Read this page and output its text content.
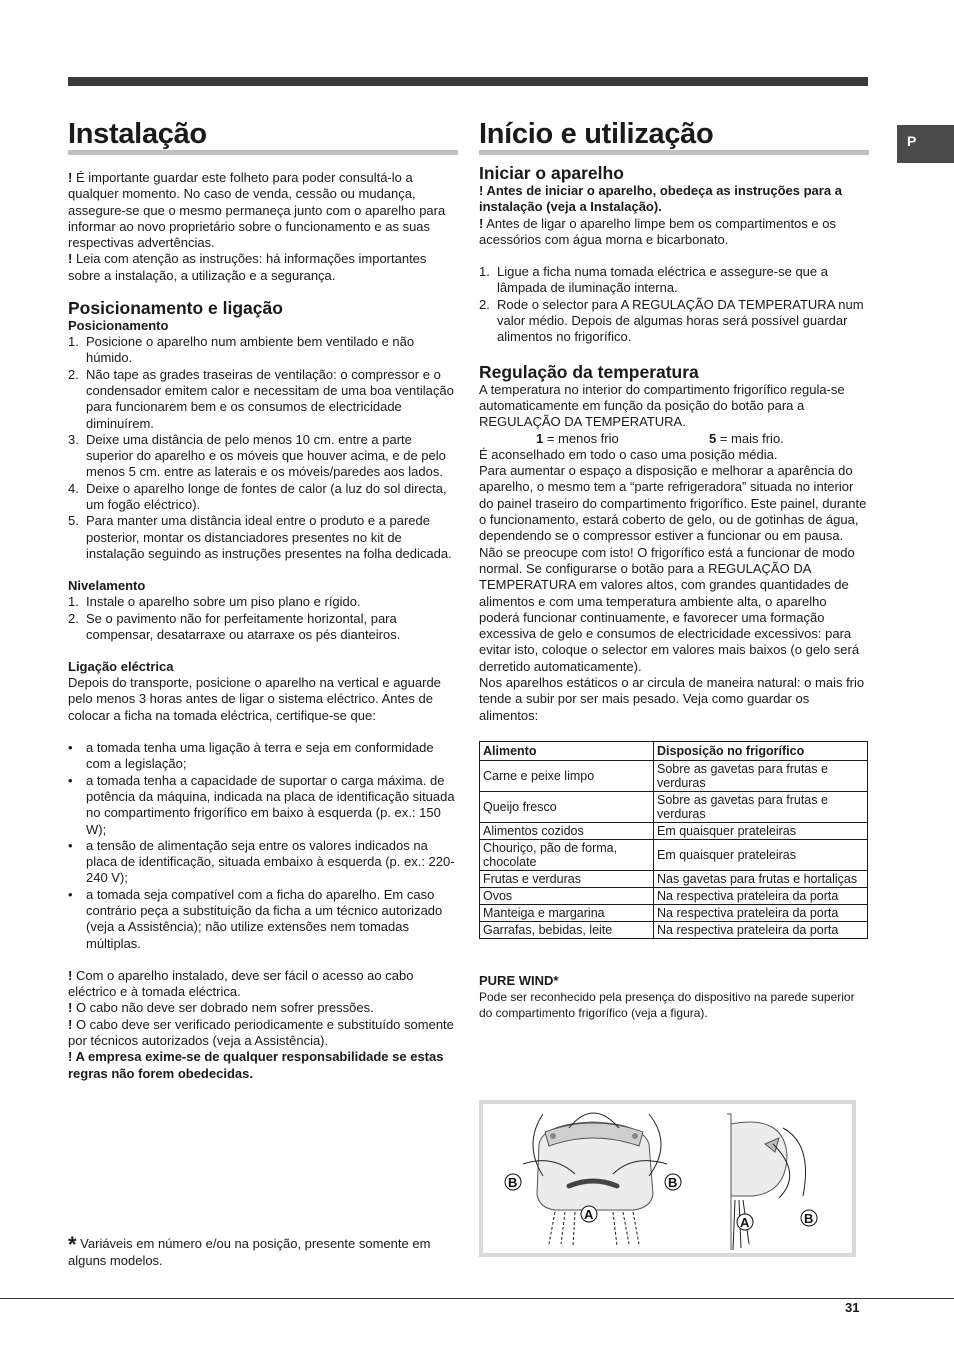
P
Instalação

! É importante guardar este folheto para poder consultá-lo a qualquer momento. No caso de venda, cessão ou mudança, assegure-se que o mesmo permaneça junto com o aparelho para informar ao novo proprietário sobre o funcionamento e as suas respectivas advertências.

! Leia com atenção as instruções: há informações importantes sobre a instalação, a utilização e a segurança.

Posicionamento e ligação
Posicionamento
1. Posicione o aparelho num ambiente bem ventilado e não húmido.
2. Não tape as grades traseiras de ventilação: o compressor e o condensador emitem calor e necessitam de uma boa ventilação para funcionarem bem e os consumos de electricidade diminuírem.
3. Deixe uma distância de pelo menos 10 cm. entre a parte superior do aparelho e os móveis que houver acima, e de pelo menos 5 cm. entre as laterais e os móveis/paredes aos lados.
4. Deixe o aparelho longe de fontes de calor (a luz do sol directa, um fogão eléctrico).
5. Para manter uma distância ideal entre o produto e a parede posterior, montar os distanciadores presentes no kit de instalação seguindo as instruções presentes na folha dedicada.
Nivelamento
1. Instale o aparelho sobre um piso plano e rígido.
2. Se o pavimento não for perfeitamente horizontal, para compensar, desatarraxe ou atarraxe os pés dianteiros.
Ligação eléctrica

Depois do transporte, posicione o aparelho na vertical e aguarde pelo menos 3 horas antes de ligar o sistema eléctrico. Antes de colocar a ficha na tomada eléctrica, certifique-se que:

• a tomada tenha uma ligação à terra e seja em conformidade com a legislação;
• a tomada tenha a capacidade de suportar o carga máxima. de potência da máquina, indicada na placa de identificação situada no compartimento frigorífico em baixo à esquerda (p. ex.: 150 W);
• a tensão de alimentação seja entre os valores indicados na placa de identificação, situada embaixo à esquerda (p. ex.: 220-240 V);
• a tomada seja compatível com a ficha do aparelho. Em caso contrário peça a substituição da ficha a um técnico autorizado (veja a Assistência); não utilize extensões nem tomadas múltiplas.

! Com o aparelho instalado, deve ser fácil o acesso ao cabo eléctrico e à tomada eléctrica.

! O cabo não deve ser dobrado nem sofrer pressões.

! O cabo deve ser verificado periodicamente e substituído somente por técnicos autorizados (veja a Assistência).

! A empresa exime-se de qualquer responsabilidade se estas regras não forem obedecidas.

* Variáveis em número e/ou na posição, presente somente em alguns modelos.

Início e utilização
Iniciar o aparelho

! Antes de iniciar o aparelho, obedeça as instruções para a instalação (veja a Instalação).

! Antes de ligar o aparelho limpe bem os compartimentos e os acessórios com água morna e bicarbonato.

1. Ligue a ficha numa tomada eléctrica e assegure-se que a lâmpada de iluminação interna.
2. Rode o selector para A REGULAÇÃO DA TEMPERATURA num valor médio. Depois de algumas horas será possível guardar alimentos no frigorífico.
Regulação da temperatura

A temperatura no interior do compartimento frigorífico regula-se automaticamente em função da posição do botão para a REGULAÇÃO DA TEMPERATURA.

1 = menos frio	5 = mais frio.

É aconselhado em todo o caso uma posição média.

Para aumentar o espaço a disposição e melhorar a aparência do aparelho, o mesmo tem a “parte refrigeradora” situada no interior do painel traseiro do compartimento frigorífico. Este painel, durante o funcionamento, estará coberto de gelo, ou de gotinhas de água, dependendo se o compressor estiver a funcionar ou em pausa. Não se preocupe com isto! O frigorífico está a funcionar de modo normal. Se configurarse o botão para a REGULAÇÃO DA TEMPERATURA em valores altos, com grandes quantidades de alimentos e com uma temperatura ambiente alta, o aparelho poderá funcionar continuamente, e favorecer uma formação excessiva de gelo e consumos de electricidade excessivos: para evitar isto, coloque o selector em valores mais baixos (o gelo será derretido automaticamente).

Nos aparelhos estáticos o ar circula de maneira natural: o mais frio tende a subir por ser mais pesado. Veja como guardar os alimentos:

Alimento	Disposição no frigorífico
Carne e peixe limpo	Sobre as gavetas para frutas e verduras
Queijo fresco	Sobre as gavetas para frutas e verduras
Alimentos cozidos	Em quaisquer prateleiras
Chouriço, pão de forma, chocolate	Em quaisquer prateleiras
Frutas e verduras	Nas gavetas para frutas e hortaliças
Ovos	Na respectiva prateleira da porta
Manteiga e margarina	Na respectiva prateleira da porta
Garrafas, bebidas, leite	Na respectiva prateleira da porta
PURE WIND*

Pode ser reconhecido pela presença do dispositivo na parede superior do compartimento frigorífico (veja a figura).

B	B
A
A	B
31
